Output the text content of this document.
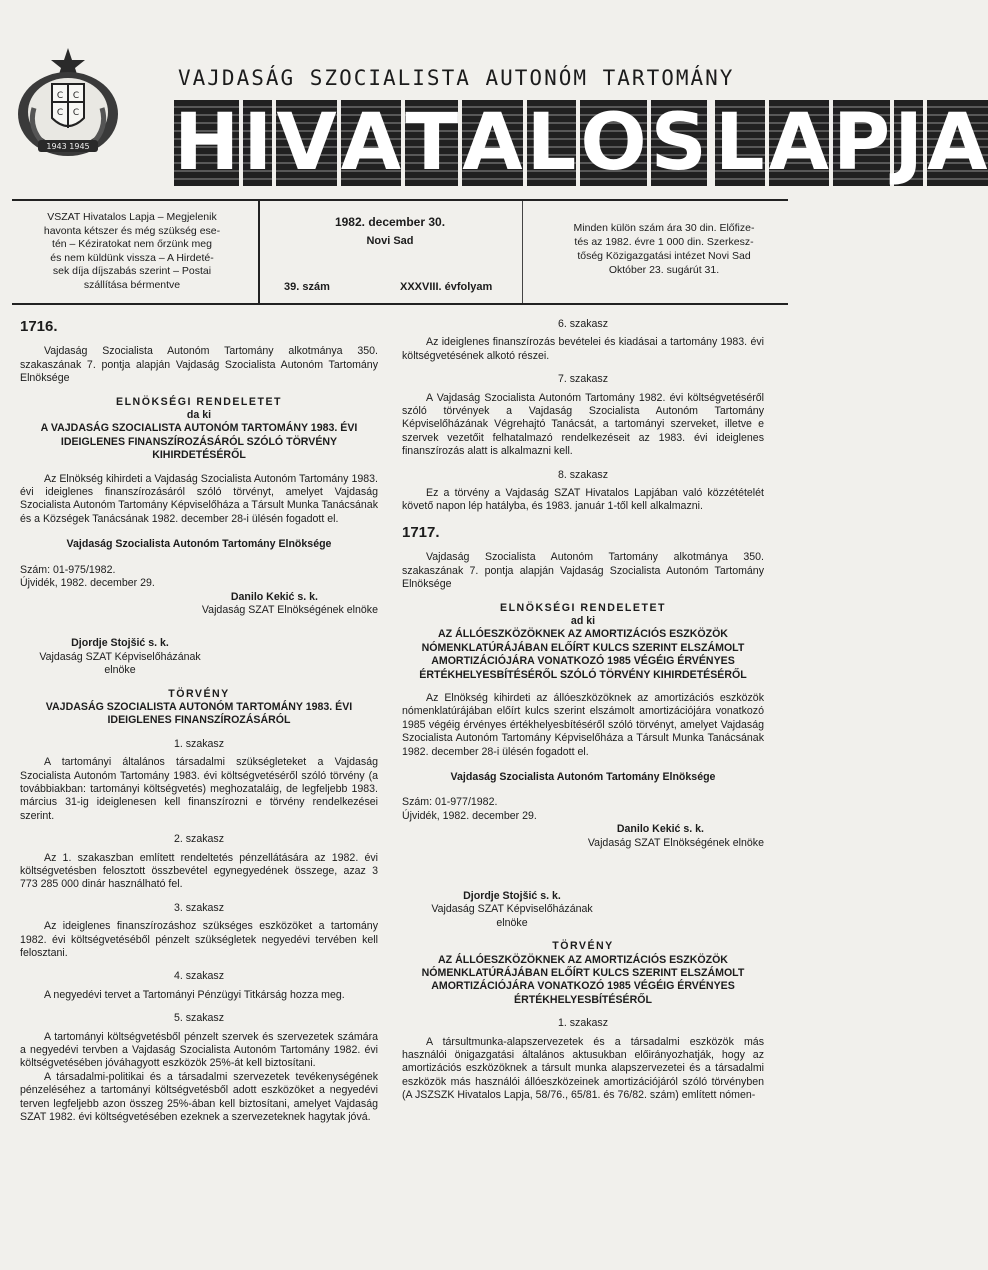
C C
C C
1943 1945
VAJDASÁG SZOCIALISTA AUTONÓM TARTOMÁNY
H I V A T A L O S L A P J A
VSZAT Hivatalos Lapja – Megjelenik
havonta kétszer és még szükség ese-
tén – Kéziratokat nem őrzünk meg
és nem küldünk vissza – A Hirdeté-
sek díja díjszabás szerint – Postai
szállítása bérmentve
1982. december 30.
Novi Sad
39. szám	XXXVIII. évfolyam
Minden külön szám ára 30 din. Előfize-
tés az 1982. évre 1 000 din. Szerkesz-
tőség Közigazgatási intézet Novi Sad
Október 23. sugárút 31.
1716.

Vajdaság Szocialista Autonóm Tartomány alkotmánya 350. szakaszának 7. pontja alapján Vajdaság Szocialista Autonóm Tartomány Elnöksége

ELNÖKSÉGI RENDELETET
da ki
A VAJDASÁG SZOCIALISTA AUTONÓM TARTOMÁNY 1983. ÉVI IDEIGLENES FINANSZÍROZÁSÁRÓL SZÓLÓ TÖRVÉNY KIHIRDETÉSÉRŐL

Az Elnökség kihirdeti a Vajdaság Szocialista Autonóm Tartomány 1983. évi ideiglenes finanszírozásáról szóló törvényt, amelyet Vajdaság Szocialista Autonóm Tartomány Képviselőháza a Társult Munka Tanácsának és a Községek Tanácsának 1982. december 28-i ülésén fogadott el.

Vajdaság Szocialista Autonóm Tartomány Elnöksége
Szám: 01-975/1982.
Újvidék, 1982. december 29.
Danilo Kekić s. k.
Vajdaság SZAT Elnökségének elnöke
Djordje Stojšić s. k.
Vajdaság SZAT Képviselőházának
elnöke
TÖRVÉNY
VAJDASÁG SZOCIALISTA AUTONÓM TARTOMÁNY 1983. ÉVI IDEIGLENES FINANSZÍROZÁSÁRÓL
1. szakasz

A tartományi általános társadalmi szükségleteket a Vajdaság Szocialista Autonóm Tartomány 1983. évi költségvetéséről szóló törvény (a továbbiakban: tartományi költségvetés) meghozataláig, de legfeljebb 1983. március 31-ig ideiglenesen kell finanszírozni e törvény rendelkezései szerint.

2. szakasz

Az 1. szakaszban említett rendeltetés pénzellátására az 1982. évi költségvetésben felosztott összbevétel egynegyedének összege, azaz 3 773 285 000 dinár használható fel.

3. szakasz

Az ideiglenes finanszírozáshoz szükséges eszközöket a tartomány 1982. évi költségvetéséből pénzelt szükségletek negyedévi tervében kell felosztani.

4. szakasz

A negyedévi tervet a Tartományi Pénzügyi Titkárság hozza meg.

5. szakasz

A tartományi költségvetésből pénzelt szervek és szervezetek számára a negyedévi tervben a Vajdaság Szocialista Autonóm Tartomány 1982. évi költségvetésében jóváhagyott eszközök 25%-át kell biztosítani.

A társadalmi-politikai és a társadalmi szervezetek tevékenységének pénzeléséhez a tartományi költségvetésből adott eszközöket a negyedévi terven legfeljebb azon összeg 25%-ában kell biztosítani, amelyet Vajdaság SZAT 1982. évi költségvetésében ezeknek a szervezeteknek hagytak jóvá.

6. szakasz

Az ideiglenes finanszírozás bevételei és kiadásai a tartomány 1983. évi költségvetésének alkotó részei.

7. szakasz

A Vajdaság Szocialista Autonóm Tartomány 1982. évi költségvetéséről szóló törvények a Vajdaság Szocialista Autonóm Tartomány Képviselőházának Végrehajtó Tanácsát, a tartományi szerveket, illetve e szervek vezetőit felhatalmazó rendelkezéseit az 1983. évi ideiglenes finanszírozás alatt is alkalmazni kell.

8. szakasz

Ez a törvény a Vajdaság SZAT Hivatalos Lapjában való közzétételét követő napon lép hatályba, és 1983. január 1-től kell alkalmazni.

1717.

Vajdaság Szocialista Autonóm Tartomány alkotmánya 350. szakaszának 7. pontja alapján Vajdaság Szocialista Autonóm Tartomány Elnöksége

ELNÖKSÉGI RENDELETET
ad ki
AZ ÁLLÓESZKÖZÖKNEK AZ AMORTIZÁCIÓS ESZKÖZÖK NÓMENKLATÚRÁJÁBAN ELŐÍRT KULCS SZERINT ELSZÁMOLT AMORTIZÁCIÓJÁRA VONATKOZÓ 1985 VÉGÉIG ÉRVÉNYES ÉRTÉKHELYESBÍTÉSÉRŐL SZÓLÓ TÖRVÉNY KIHIRDETÉSÉRŐL

Az Elnökség kihirdeti az állóeszközöknek az amortizációs eszközök nómenklatúrájában előírt kulcs szerint elszámolt amortizációjára vonatkozó 1985 végéig érvényes értékhelyesbítéséről szóló törvényt, amelyet Vajdaság Szocialista Autonóm Tartomány Képviselőháza a Társult Munka Tanácsának 1982. december 28-i ülésén fogadott el.

Vajdaság Szocialista Autonóm Tartomány Elnöksége
Szám: 01-977/1982.
Újvidék, 1982. december 29.
Danilo Kekić s. k.
Vajdaság SZAT Elnökségének elnöke
Djordje Stojšić s. k.
Vajdaság SZAT Képviselőházának
elnöke
TÖRVÉNY
AZ ÁLLÓESZKÖZÖKNEK AZ AMORTIZÁCIÓS ESZKÖZÖK NÓMENKLATÚRÁJÁBAN ELŐÍRT KULCS SZERINT ELSZÁMOLT AMORTIZÁCIÓJÁRA VONATKOZÓ 1985 VÉGÉIG ÉRVÉNYES ÉRTÉKHELYESBÍTÉSÉRŐL
1. szakasz

A társultmunka-alapszervezetek és a társadalmi eszközök más használói önigazgatási általános aktusukban előirányozhatják, hogy az amortizációs eszközöknek a társult munka alapszervezetei és a társadalmi eszközök más használói állóeszközeinek amortizációjáról szóló törvényben (A JSZSZK Hivatalos Lapja, 58/76., 65/81. és 76/82. szám) említett nómen-
